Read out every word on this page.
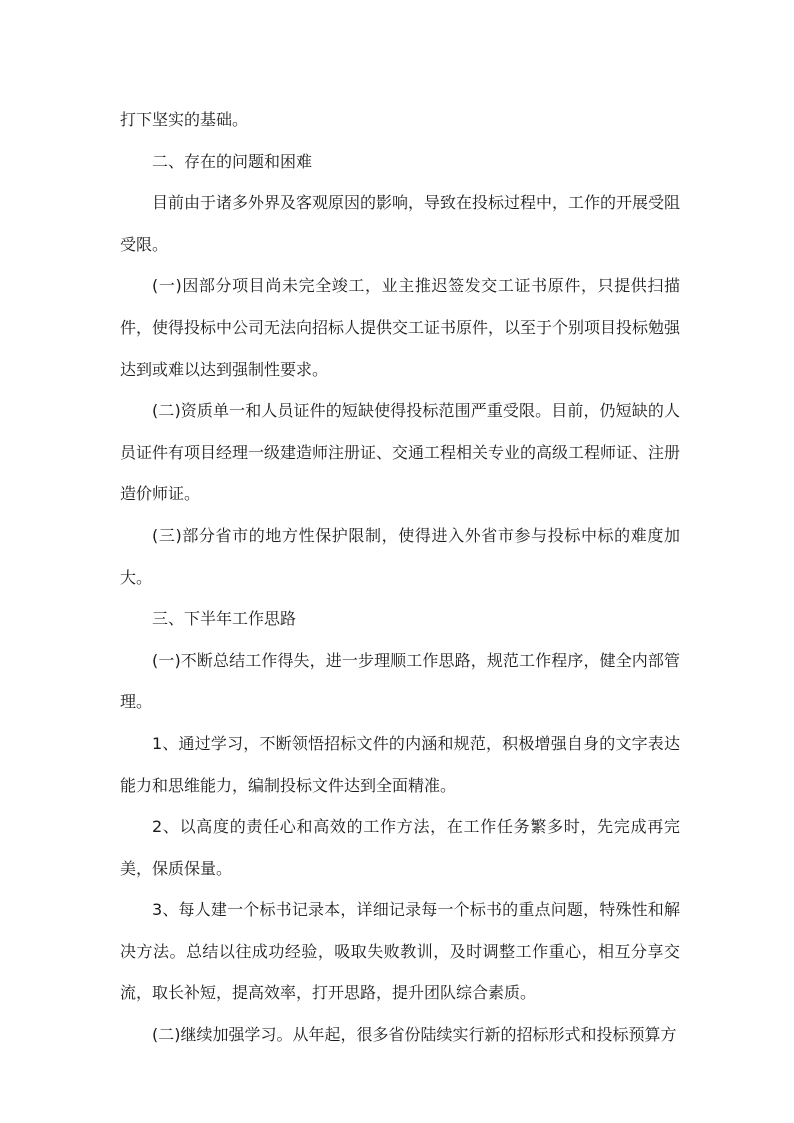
打下坚实的基础。

二、存在的问题和困难

目前由于诸多外界及客观原因的影响，导致在投标过程中，工作的开展受阻受限。

(一)因部分项目尚未完全竣工，业主推迟签发交工证书原件，只提供扫描件，使得投标中公司无法向招标人提供交工证书原件，以至于个别项目投标勉强达到或难以达到强制性要求。

(二)资质单一和人员证件的短缺使得投标范围严重受限。目前，仍短缺的人员证件有项目经理一级建造师注册证、交通工程相关专业的高级工程师证、注册造价师证。

(三)部分省市的地方性保护限制，使得进入外省市参与投标中标的难度加大。

三、下半年工作思路

(一)不断总结工作得失，进一步理顺工作思路，规范工作程序，健全内部管理。

1、通过学习，不断领悟招标文件的内涵和规范，积极增强自身的文字表达能力和思维能力，编制投标文件达到全面精准。

2、以高度的责任心和高效的工作方法，在工作任务繁多时，先完成再完美，保质保量。

3、每人建一个标书记录本，详细记录每一个标书的重点问题，特殊性和解决方法。总结以往成功经验，吸取失败教训，及时调整工作重心，相互分享交流，取长补短，提高效率，打开思路，提升团队综合素质。

(二)继续加强学习。从年起，很多省份陆续实行新的招标形式和投标预算方
